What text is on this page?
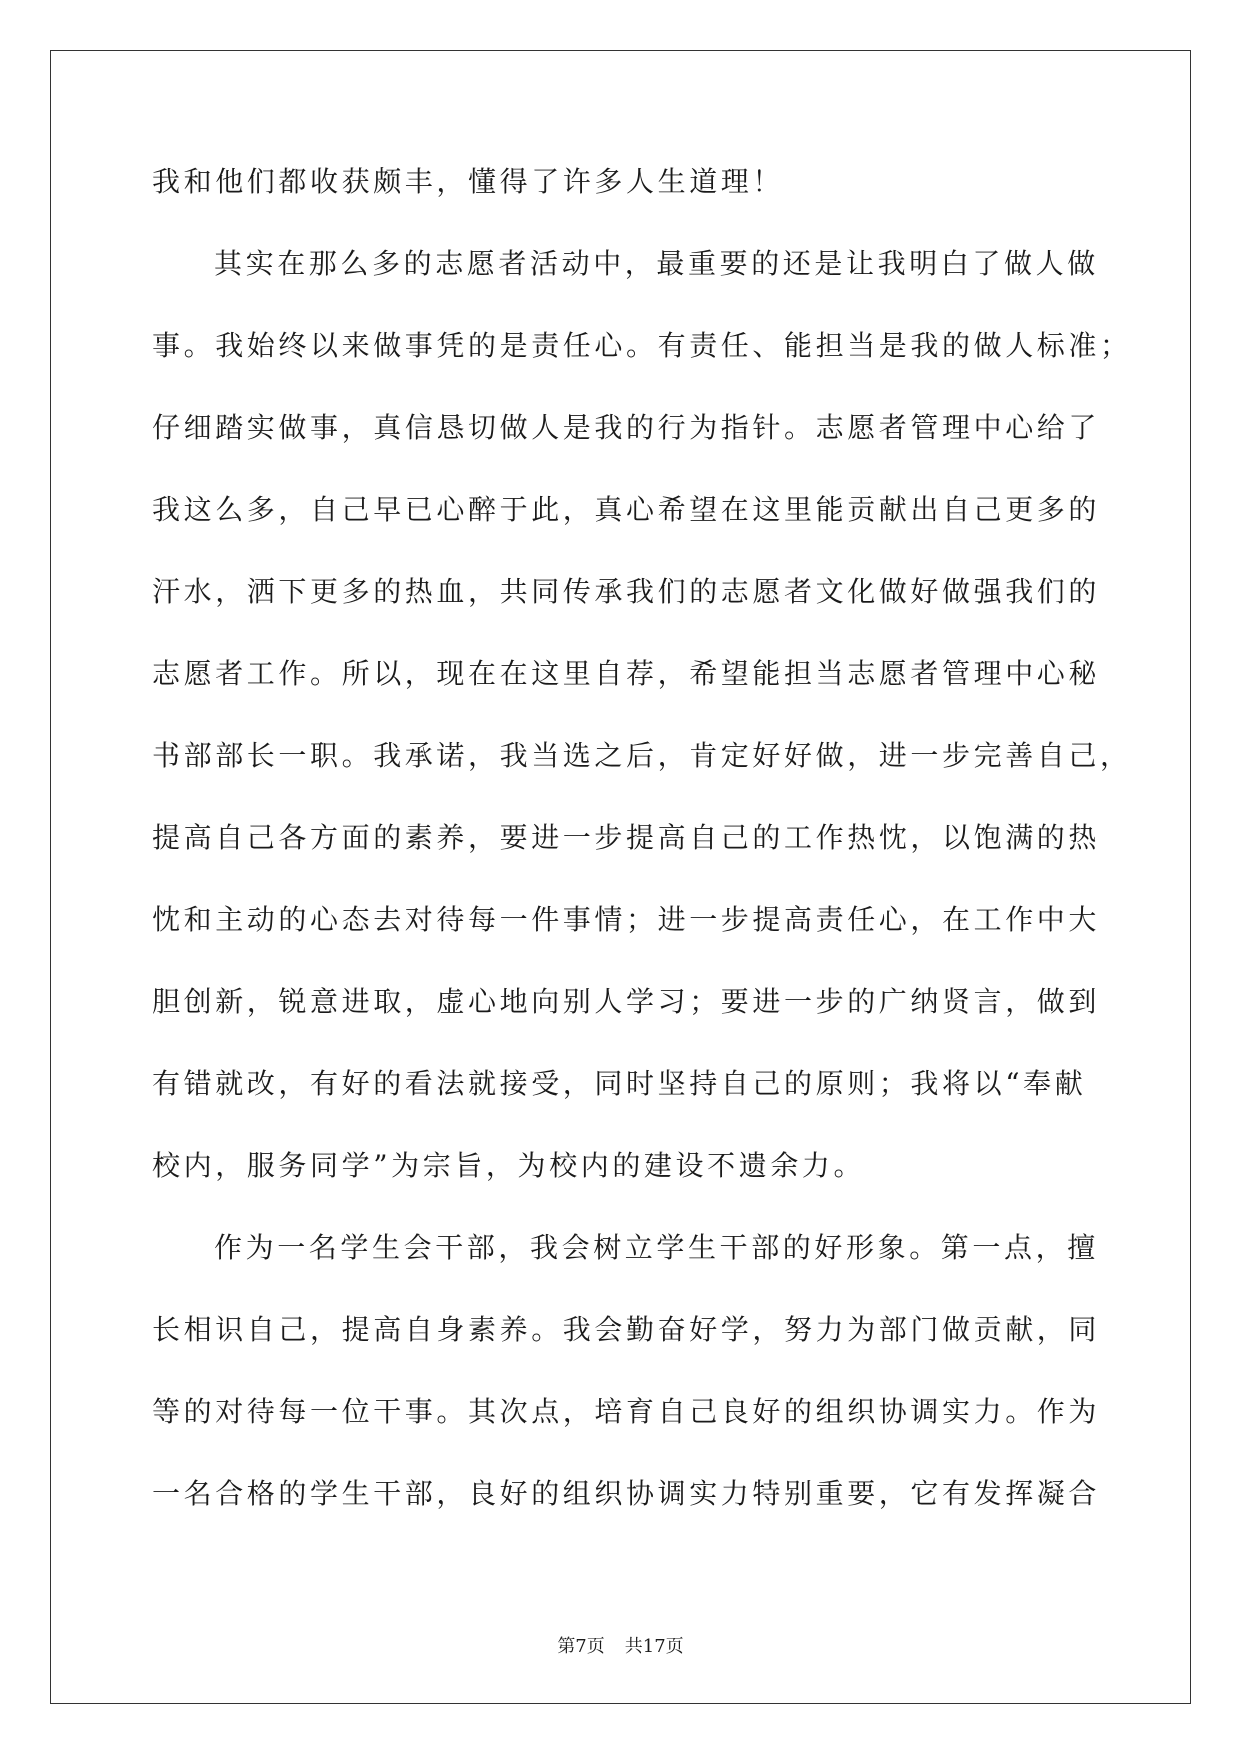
我和他们都收获颇丰，懂得了许多人生道理！
其实在那么多的志愿者活动中，最重要的还是让我明白了做人做
事。我始终以来做事凭的是责任心。有责任、能担当是我的做人标准；
仔细踏实做事，真信恳切做人是我的行为指针。志愿者管理中心给了
我这么多，自己早已心醉于此，真心希望在这里能贡献出自己更多的
汗水，洒下更多的热血，共同传承我们的志愿者文化做好做强我们的
志愿者工作。所以，现在在这里自荐，希望能担当志愿者管理中心秘
书部部长一职。我承诺，我当选之后，肯定好好做，进一步完善自己，
提高自己各方面的素养，要进一步提高自己的工作热忱，以饱满的热
忱和主动的心态去对待每一件事情；进一步提高责任心，在工作中大
胆创新，锐意进取，虚心地向别人学习；要进一步的广纳贤言，做到
有错就改，有好的看法就接受，同时坚持自己的原则；我将以“奉献
校内，服务同学”为宗旨，为校内的建设不遗余力。
作为一名学生会干部，我会树立学生干部的好形象。第一点，擅
长相识自己，提高自身素养。我会勤奋好学，努力为部门做贡献，同
等的对待每一位干事。其次点，培育自己良好的组织协调实力。作为
一名合格的学生干部，良好的组织协调实力特别重要，它有发挥凝合
第7页 共17页
